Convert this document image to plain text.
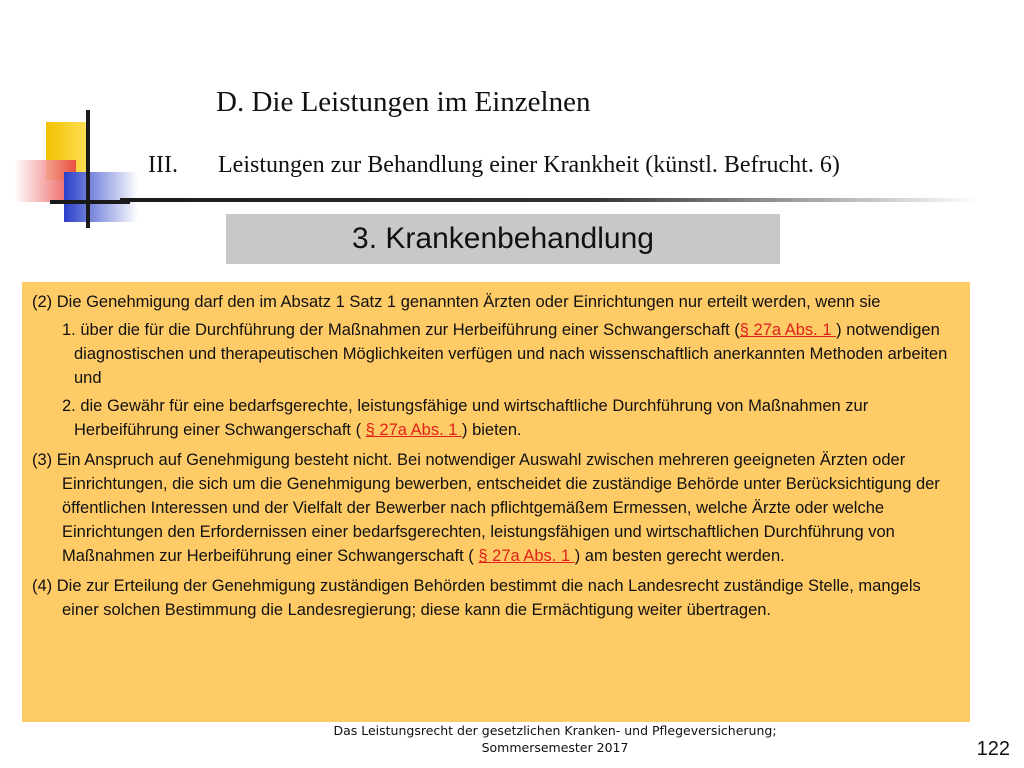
D. Die Leistungen im Einzelnen
III. Leistungen zur Behandlung einer Krankheit (künstl. Befrucht. 6)
3. Krankenbehandlung

(2) Die Genehmigung darf den im Absatz 1 Satz 1 genannten Ärzten oder Einrichtungen nur erteilt werden, wenn sie

1. über die für die Durchführung der Maßnahmen zur Herbeiführung einer Schwangerschaft (§ 27a Abs. 1 ) notwendigen diagnostischen und therapeutischen Möglichkeiten verfügen und nach wissenschaftlich anerkannten Methoden arbeiten und

2. die Gewähr für eine bedarfsgerechte, leistungsfähige und wirtschaftliche Durchführung von Maßnahmen zur Herbeiführung einer Schwangerschaft ( § 27a Abs. 1 ) bieten.

(3) Ein Anspruch auf Genehmigung besteht nicht. Bei notwendiger Auswahl zwischen mehreren geeigneten Ärzten oder Einrichtungen, die sich um die Genehmigung bewerben, entscheidet die zuständige Behörde unter Berücksichtigung der öffentlichen Interessen und der Vielfalt der Bewerber nach pflichtgemäßem Ermessen, welche Ärzte oder welche Einrichtungen den Erfordernissen einer bedarfsgerechten, leistungsfähigen und wirtschaftlichen Durchführung von Maßnahmen zur Herbeiführung einer Schwangerschaft ( § 27a Abs. 1 ) am besten gerecht werden.

(4) Die zur Erteilung der Genehmigung zuständigen Behörden bestimmt die nach Landesrecht zuständige Stelle, mangels einer solchen Bestimmung die Landesregierung; diese kann die Ermächtigung weiter übertragen.

Das Leistungsrecht der gesetzlichen Kranken- und Pflegeversicherung;
Sommersemester 2017	122
